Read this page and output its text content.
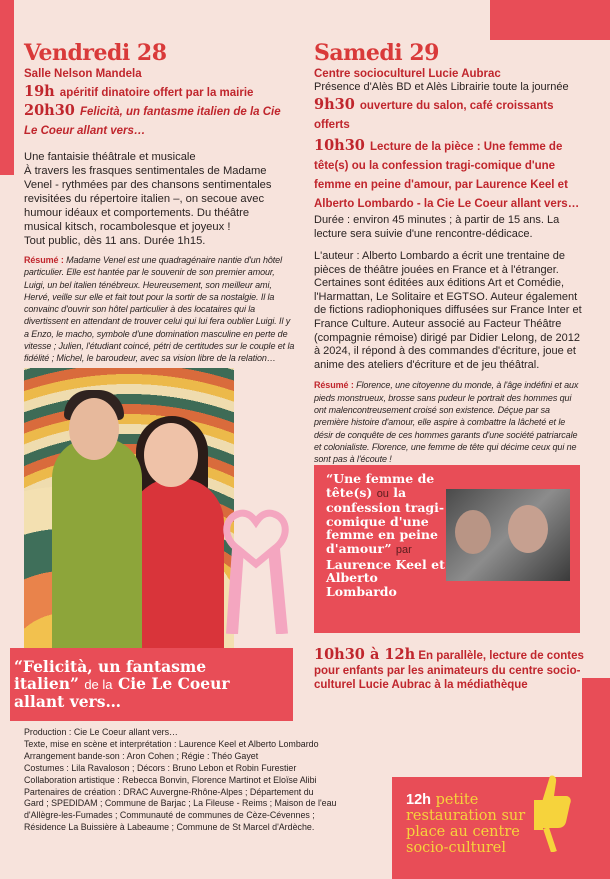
Vendredi 28

Salle Nelson Mandela

19h apéritif dinatoire offert par la mairie
20h30 Felicità, un fantasme italien de la Cie Le Coeur allant vers…
Une fantaisie théâtrale et musicale
À travers les frasques sentimentales de Madame
Venel - rythmées par des chansons sentimentales
revisitées du répertoire italien –, on secoue avec
humour idéaux et comportements. Du théâtre
musical kitsch, rocambolesque et joyeux !
Tout public, dès 11 ans. Durée 1h15.

Résumé : Madame Venel est une quadragénaire nantie d'un hôtel particulier. Elle est hantée par le souvenir de son premier amour, Luigi, un bel italien ténébreux. Heureusement, son meilleur ami, Hervé, veille sur elle et fait tout pour la sortir de sa nostalgie. Il la convainc d'ouvrir son hôtel particulier à des locataires qui la divertissent en attendant de trouver celui qui lui fera oublier Luigi. Il y a Enzo, le macho, symbole d'une domination masculine en perte de vitesse ; Julien, l'étudiant coincé, pétri de certitudes sur le couple et la fidélité ; Michel, le baroudeur, avec sa vision libre de la relation…

“Felicità, un fantasme italien” de la Cie Le Coeur allant vers…
Production : Cie Le Coeur allant vers…
Texte, mise en scène et interprétation : Laurence Keel et Alberto Lombardo
Arrangement bande-son : Aron Cohen ; Régie : Théo Gayet
Costumes : Lila Ravaloson ; Décors : Bruno Lebon et Robin Furestier
Collaboration artistique : Rebecca Bonvin, Florence Martinot et Eloïse Alibi
Partenaires de création : DRAC Auvergne-Rhône-Alpes ; Département du
Gard ; SPEDIDAM ; Commune de Barjac ; La Fileuse - Reims ; Maison de l'eau
d'Allègre-les-Fumades ; Communauté de communes de Cèze-Cévennes ;
Résidence La Buissière à Labeaume ; Commune de St Marcel d'Ardèche.
Samedi 29

Centre socioculturel Lucie Aubrac

Présence d'Alès BD et Alès Librairie toute la journée
9h30 ouverture du salon, café croissants offerts
10h30 Lecture de la pièce : Une femme de tête(s) ou la confession tragi-comique d'une femme en peine d'amour, par Laurence Keel et Alberto Lombardo - la Cie Le Coeur allant vers…
Durée : environ 45 minutes ; à partir de 15 ans. La lecture sera suivie d'une rencontre-dédicace.
L'auteur : Alberto Lombardo a écrit une trentaine de pièces de théâtre jouées en France et à l'étranger. Certaines sont éditées aux éditions Art et Comédie, l'Harmattan, Le Solitaire et EGTSO. Auteur également de fictions radiophoniques diffusées sur France Inter et France Culture. Auteur associé au Facteur Théâtre (compagnie rémoise) dirigé par Didier Lelong, de 2012 à 2024, il répond à des commandes d'écriture, joue et anime des ateliers d'écriture et de jeu théâtral.

Résumé : Florence, une citoyenne du monde, à l'âge indéfini et aux pieds monstrueux, brosse sans pudeur le portrait des hommes qui ont malencontreusement croisé son existence. Déçue par sa première histoire d'amour, elle aspire à combattre la lâcheté et le désir de conquête de ces hommes garants d'une société patriarcale et colonialiste. Florence, une femme de tête qui décime ceux qui ne sont pas à l'écoute !

“Une femme de tête(s) ou la confession tragi-comique d'une femme en peine d'amour” par Laurence Keel et Alberto Lombardo
10h30 à 12h En parallèle, lecture de contes pour enfants par les animateurs du centre socio-culturel Lucie Aubrac à la médiathèque
12h petite restauration sur place au centre socio-culturel
